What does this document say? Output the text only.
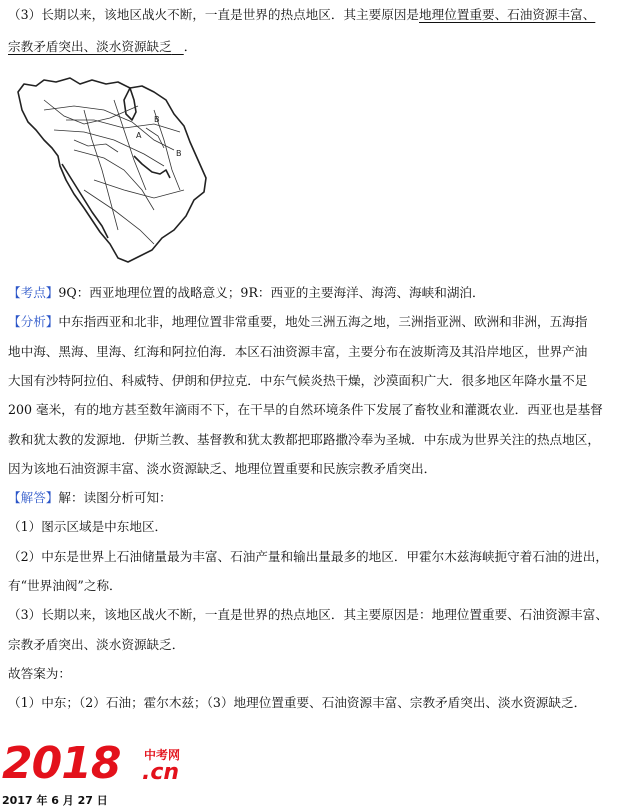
（3）长期以来，该地区战火不断，一直是世界的热点地区．其主要原因是地理位置重要、石油资源丰富、
宗教矛盾突出、淡水资源缺乏 ．
B
A
B
【考点】9Q：西亚地理位置的战略意义；9R：西亚的主要海洋、海湾、海峡和湖泊．
【分析】中东指西亚和北非，地理位置非常重要，地处三洲五海之地，三洲指亚洲、欧洲和非洲，五海指
地中海、黑海、里海、红海和阿拉伯海．本区石油资源丰富，主要分布在波斯湾及其沿岸地区，世界产油
大国有沙特阿拉伯、科威特、伊朗和伊拉克．中东气候炎热干燥，沙漠面积广大．很多地区年降水量不足
200 毫米，有的地方甚至数年滴雨不下，在干旱的自然环境条件下发展了畜牧业和灌溉农业．西亚也是基督
教和犹太教的发源地．伊斯兰教、基督教和犹太教都把耶路撒冷奉为圣城．中东成为世界关注的热点地区，
因为该地石油资源丰富、淡水资源缺乏、地理位置重要和民族宗教矛盾突出．
【解答】解：读图分析可知：
（1）图示区域是中东地区．
（2）中东是世界上石油储量最为丰富、石油产量和输出量最多的地区．甲霍尔木兹海峡扼守着石油的进出，
有“世界油阀”之称．
（3）长期以来，该地区战火不断，一直是世界的热点地区．其主要原因是：地理位置重要、石油资源丰富、
宗教矛盾突出、淡水资源缺乏．
故答案为：
（1）中东；（2）石油；霍尔木兹；（3）地理位置重要、石油资源丰富、宗教矛盾突出、淡水资源缺乏．
2018 中考网
.cn
2017 年 6 月 27 日
